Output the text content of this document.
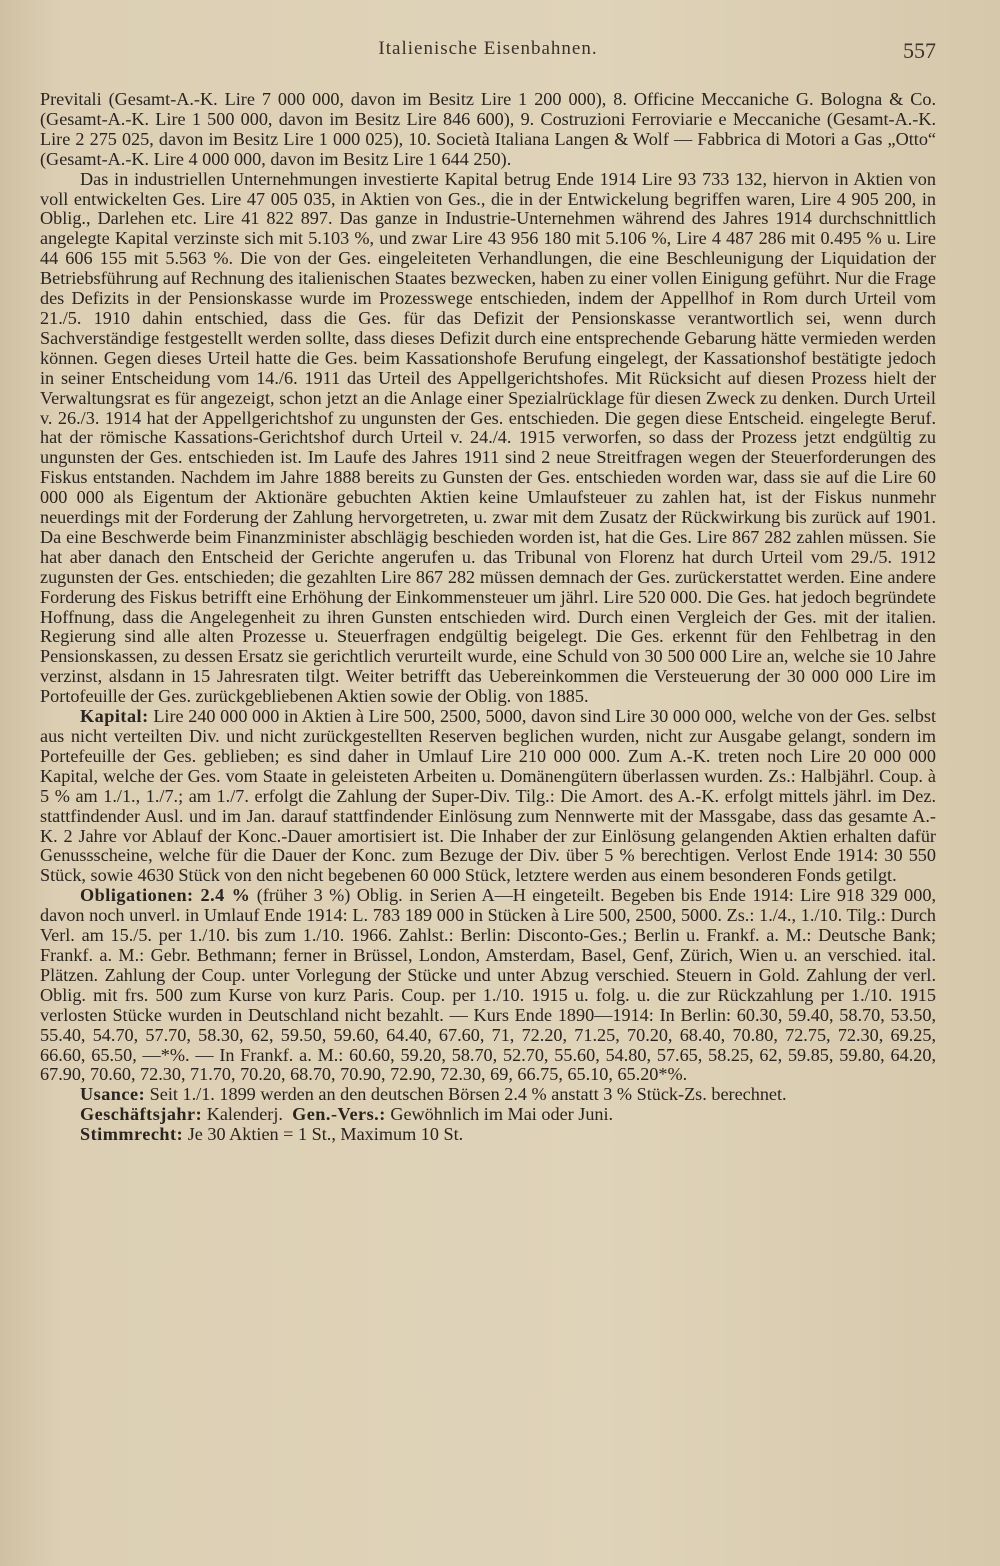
Italienische Eisenbahnen.	557

Previtali (Gesamt-A.-K. Lire 7 000 000, davon im Besitz Lire 1 200 000), 8. Officine Meccaniche G. Bologna & Co. (Gesamt-A.-K. Lire 1 500 000, davon im Besitz Lire 846 600), 9. Costruzioni Ferroviarie e Meccaniche (Gesamt-A.-K. Lire 2 275 025, davon im Besitz Lire 1 000 025), 10. Società Italiana Langen & Wolf — Fabbrica di Motori a Gas „Otto“ (Gesamt-A.-K. Lire 4 000 000, davon im Besitz Lire 1 644 250).

Das in industriellen Unternehmungen investierte Kapital betrug Ende 1914 Lire 93 733 132, hiervon in Aktien von voll entwickelten Ges. Lire 47 005 035, in Aktien von Ges., die in der Entwickelung begriffen waren, Lire 4 905 200, in Oblig., Darlehen etc. Lire 41 822 897. Das ganze in Industrie-Unternehmen während des Jahres 1914 durchschnittlich angelegte Kapital verzinste sich mit 5.103 %, und zwar Lire 43 956 180 mit 5.106 %, Lire 4 487 286 mit 0.495 % u. Lire 44 606 155 mit 5.563 %. Die von der Ges. eingeleiteten Verhandlungen, die eine Beschleunigung der Liquidation der Betriebsführung auf Rechnung des italienischen Staates bezwecken, haben zu einer vollen Einigung geführt. Nur die Frage des Defizits in der Pensionskasse wurde im Prozesswege entschieden, indem der Appellhof in Rom durch Urteil vom 21./5. 1910 dahin entschied, dass die Ges. für das Defizit der Pensionskasse verantwortlich sei, wenn durch Sachverständige festgestellt werden sollte, dass dieses Defizit durch eine entsprechende Gebarung hätte vermieden werden können. Gegen dieses Urteil hatte die Ges. beim Kassationshofe Berufung eingelegt, der Kassationshof bestätigte jedoch in seiner Entscheidung vom 14./6. 1911 das Urteil des Appellgerichtshofes. Mit Rücksicht auf diesen Prozess hielt der Verwaltungsrat es für angezeigt, schon jetzt an die Anlage einer Spezialrücklage für diesen Zweck zu denken. Durch Urteil v. 26./3. 1914 hat der Appellgerichtshof zu ungunsten der Ges. entschieden. Die gegen diese Entscheid. eingelegte Beruf. hat der römische Kassations-Gerichtshof durch Urteil v. 24./4. 1915 verworfen, so dass der Prozess jetzt endgültig zu ungunsten der Ges. entschieden ist. Im Laufe des Jahres 1911 sind 2 neue Streitfragen wegen der Steuerforderungen des Fiskus entstanden. Nachdem im Jahre 1888 bereits zu Gunsten der Ges. entschieden worden war, dass sie auf die Lire 60 000 000 als Eigentum der Aktionäre gebuchten Aktien keine Umlaufsteuer zu zahlen hat, ist der Fiskus nunmehr neuerdings mit der Forderung der Zahlung hervorgetreten, u. zwar mit dem Zusatz der Rückwirkung bis zurück auf 1901. Da eine Beschwerde beim Finanzminister abschlägig beschieden worden ist, hat die Ges. Lire 867 282 zahlen müssen. Sie hat aber danach den Entscheid der Gerichte angerufen u. das Tribunal von Florenz hat durch Urteil vom 29./5. 1912 zugunsten der Ges. entschieden; die gezahlten Lire 867 282 müssen demnach der Ges. zurückerstattet werden. Eine andere Forderung des Fiskus betrifft eine Erhöhung der Einkommensteuer um jährl. Lire 520 000. Die Ges. hat jedoch begründete Hoffnung, dass die Angelegenheit zu ihren Gunsten entschieden wird. Durch einen Vergleich der Ges. mit der italien. Regierung sind alle alten Prozesse u. Steuerfragen endgültig beigelegt. Die Ges. erkennt für den Fehlbetrag in den Pensionskassen, zu dessen Ersatz sie gerichtlich verurteilt wurde, eine Schuld von 30 500 000 Lire an, welche sie 10 Jahre verzinst, alsdann in 15 Jahresraten tilgt. Weiter betrifft das Uebereinkommen die Versteuerung der 30 000 000 Lire im Portofeuille der Ges. zurückgebliebenen Aktien sowie der Oblig. von 1885.

Kapital: Lire 240 000 000 in Aktien à Lire 500, 2500, 5000, davon sind Lire 30 000 000, welche von der Ges. selbst aus nicht verteilten Div. und nicht zurückgestellten Reserven beglichen wurden, nicht zur Ausgabe gelangt, sondern im Portefeuille der Ges. geblieben; es sind daher in Umlauf Lire 210 000 000. Zum A.-K. treten noch Lire 20 000 000 Kapital, welche der Ges. vom Staate in geleisteten Arbeiten u. Domänengütern überlassen wurden. Zs.: Halbjährl. Coup. à 5 % am 1./1., 1./7.; am 1./7. erfolgt die Zahlung der Super-Div. Tilg.: Die Amort. des A.-K. erfolgt mittels jährl. im Dez. stattfindender Ausl. und im Jan. darauf stattfindender Einlösung zum Nennwerte mit der Massgabe, dass das gesamte A.-K. 2 Jahre vor Ablauf der Konc.-Dauer amortisiert ist. Die Inhaber der zur Einlösung gelangenden Aktien erhalten dafür Genussscheine, welche für die Dauer der Konc. zum Bezuge der Div. über 5 % berechtigen. Verlost Ende 1914: 30 550 Stück, sowie 4630 Stück von den nicht begebenen 60 000 Stück, letztere werden aus einem besonderen Fonds getilgt.

Obligationen: 2.4 % (früher 3 %) Oblig. in Serien A—H eingeteilt. Begeben bis Ende 1914: Lire 918 329 000, davon noch unverl. in Umlauf Ende 1914: L. 783 189 000 in Stücken à Lire 500, 2500, 5000. Zs.: 1./4., 1./10. Tilg.: Durch Verl. am 15./5. per 1./10. bis zum 1./10. 1966. Zahlst.: Berlin: Disconto-Ges.; Berlin u. Frankf. a. M.: Deutsche Bank; Frankf. a. M.: Gebr. Bethmann; ferner in Brüssel, London, Amsterdam, Basel, Genf, Zürich, Wien u. an verschied. ital. Plätzen. Zahlung der Coup. unter Vorlegung der Stücke und unter Abzug verschied. Steuern in Gold. Zahlung der verl. Oblig. mit frs. 500 zum Kurse von kurz Paris. Coup. per 1./10. 1915 u. folg. u. die zur Rückzahlung per 1./10. 1915 verlosten Stücke wurden in Deutschland nicht bezahlt. — Kurs Ende 1890—1914: In Berlin: 60.30, 59.40, 58.70, 53.50, 55.40, 54.70, 57.70, 58.30, 62, 59.50, 59.60, 64.40, 67.60, 71, 72.20, 71.25, 70.20, 68.40, 70.80, 72.75, 72.30, 69.25, 66.60, 65.50, —*%. — In Frankf. a. M.: 60.60, 59.20, 58.70, 52.70, 55.60, 54.80, 57.65, 58.25, 62, 59.85, 59.80, 64.20, 67.90, 70.60, 72.30, 71.70, 70.20, 68.70, 70.90, 72.90, 72.30, 69, 66.75, 65.10, 65.20*%.

Usance: Seit 1./1. 1899 werden an den deutschen Börsen 2.4 % anstatt 3 % Stück-Zs. berechnet.

Geschäftsjahr: Kalenderj. Gen.-Vers.: Gewöhnlich im Mai oder Juni.

Stimmrecht: Je 30 Aktien = 1 St., Maximum 10 St.
